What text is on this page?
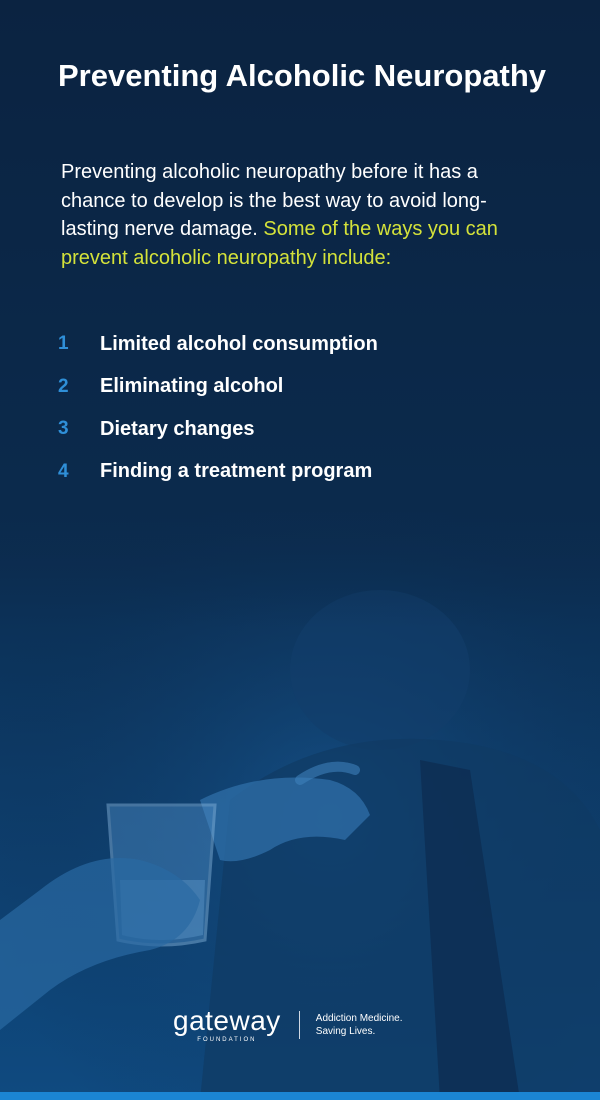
Preventing Alcoholic Neuropathy

Preventing alcoholic neuropathy before it has a chance to develop is the best way to avoid long-lasting nerve damage. Some of the ways you can prevent alcoholic neuropathy include:

1	Limited alcohol consumption
2	Eliminating alcohol
3	Dietary changes
4	Finding a treatment program
gateway
FOUNDATION
Addiction Medicine.
Saving Lives.
